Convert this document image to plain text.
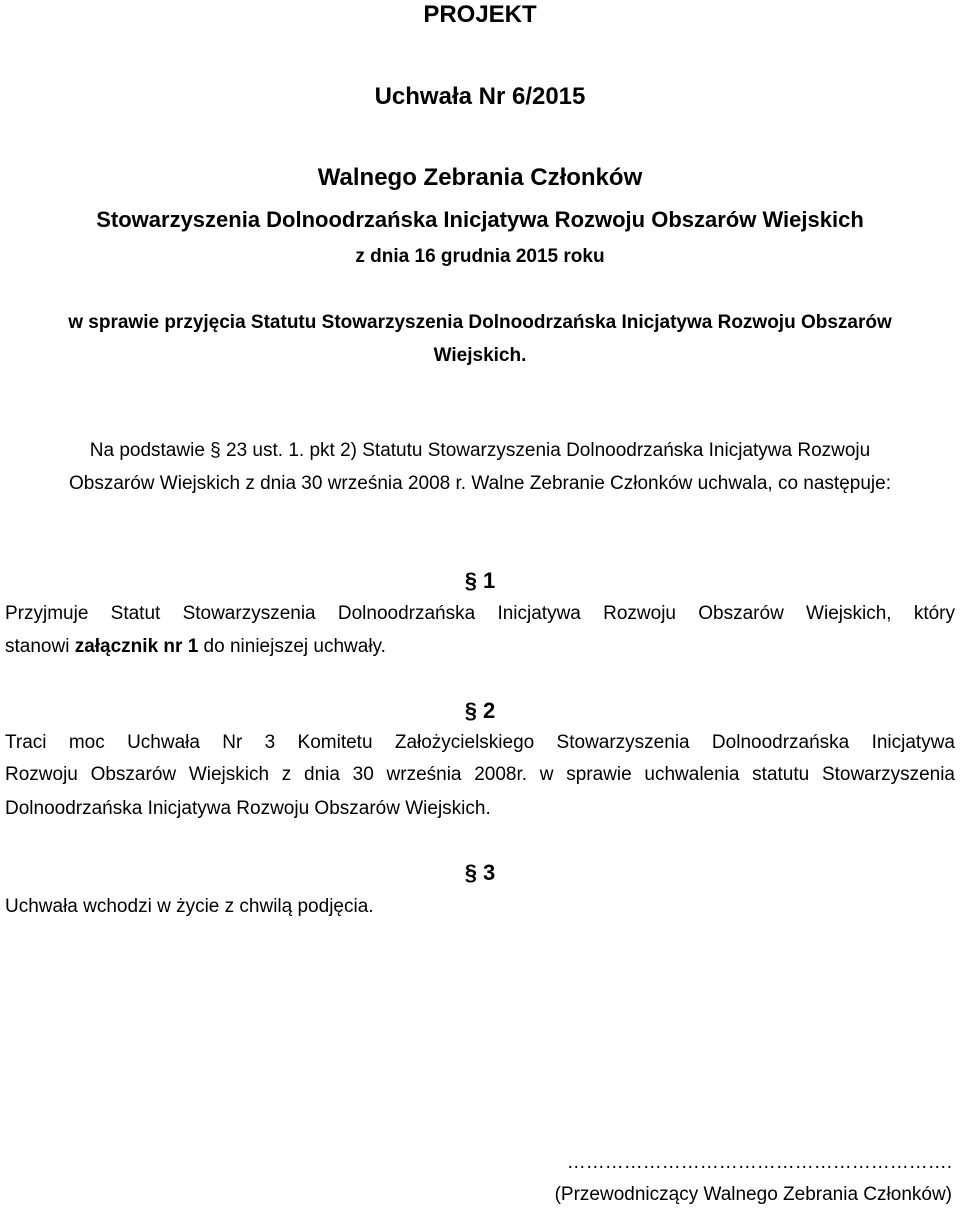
PROJEKT
Uchwała Nr 6/2015
Walnego Zebrania Członków
Stowarzyszenia Dolnoodrzańska Inicjatywa Rozwoju Obszarów Wiejskich
z dnia 16 grudnia 2015 roku
w sprawie przyjęcia Statutu Stowarzyszenia Dolnoodrzańska Inicjatywa Rozwoju Obszarów
Wiejskich.
Na podstawie § 23 ust. 1. pkt 2) Statutu Stowarzyszenia Dolnoodrzańska Inicjatywa Rozwoju
Obszarów Wiejskich z dnia 30 września 2008 r. Walne Zebranie Członków uchwala, co następuje:
§ 1
Przyjmuje Statut Stowarzyszenia Dolnoodrzańska Inicjatywa Rozwoju Obszarów Wiejskich, który
stanowi załącznik nr 1 do niniejszej uchwały.
§ 2
Traci moc Uchwała Nr 3 Komitetu Założycielskiego Stowarzyszenia Dolnoodrzańska Inicjatywa
Rozwoju Obszarów Wiejskich z dnia 30 września 2008r. w sprawie uchwalenia statutu Stowarzyszenia
Dolnoodrzańska Inicjatywa Rozwoju Obszarów Wiejskich.
§ 3
Uchwała wchodzi w życie z chwilą podjęcia.
…………………………………………………….
(Przewodniczący Walnego Zebrania Członków)
